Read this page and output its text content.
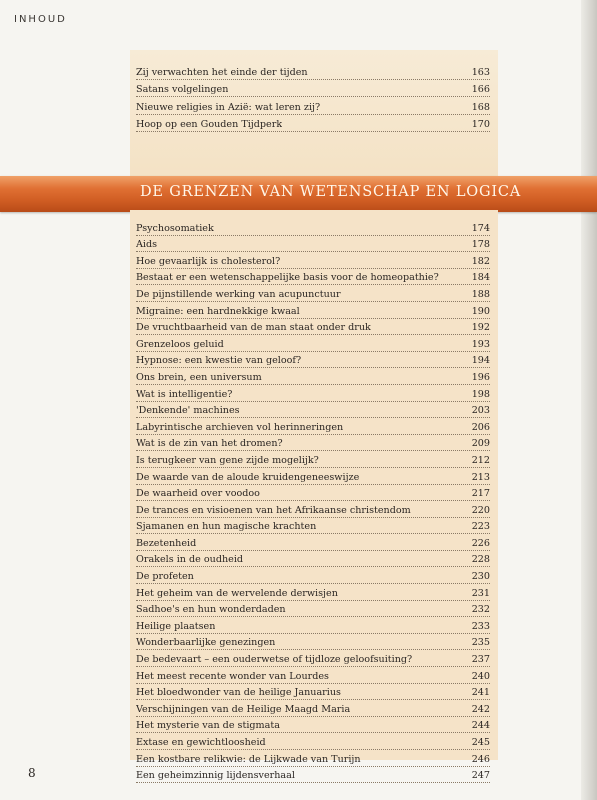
INHOUD
Zij verwachten het einde der tijden	163
Satans volgelingen	166
Nieuwe religies in Azië: wat leren zij?	168
Hoop op een Gouden Tijdperk	170
DE GRENZEN VAN WETENSCHAP EN LOGICA
Psychosomatiek	174
Aids	178
Hoe gevaarlijk is cholesterol?	182
Bestaat er een wetenschappelijke basis voor de homeopathie?	184
De pijnstillende werking van acupunctuur	188
Migraine: een hardnekkige kwaal	190
De vruchtbaarheid van de man staat onder druk	192
Grenzeloos geluid	193
Hypnose: een kwestie van geloof?	194
Ons brein, een universum	196
Wat is intelligentie?	198
'Denkende' machines	203
Labyrintische archieven vol herinneringen	206
Wat is de zin van het dromen?	209
Is terugkeer van gene zijde mogelijk?	212
De waarde van de aloude kruidengeneeswijze	213
De waarheid over voodoo	217
De trances en visioenen van het Afrikaanse christendom	220
Sjamanen en hun magische krachten	223
Bezetenheid	226
Orakels in de oudheid	228
De profeten	230
Het geheim van de wervelende derwisjen	231
Sadhoe's en hun wonderdaden	232
Heilige plaatsen	233
Wonderbaarlijke genezingen	235
De bedevaart – een ouderwetse of tijdloze geloofsuiting?	237
Het meest recente wonder van Lourdes	240
Het bloedwonder van de heilige Januarius	241
Verschijningen van de Heilige Maagd Maria	242
Het mysterie van de stigmata	244
Extase en gewichtloosheid	245
Een kostbare relikwie: de Lijkwade van Turijn	246
Een geheimzinnig lijdensverhaal	247
8
